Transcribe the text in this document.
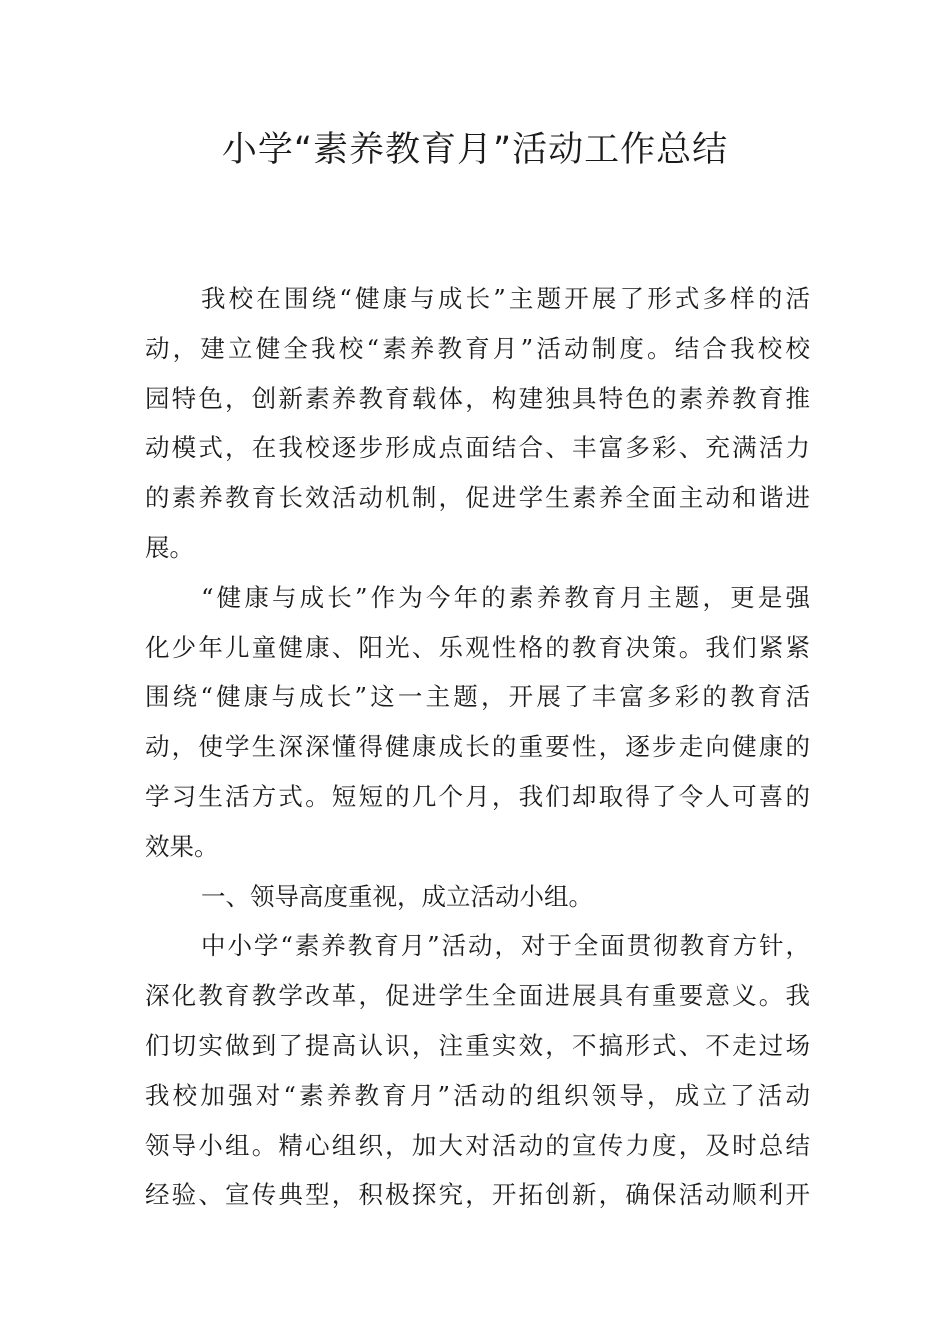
小学“素养教育月”活动工作总结
我校在围绕“健康与成长”主题开展了形式多样的活
动，建立健全我校“素养教育月”活动制度。结合我校校
园特色，创新素养教育载体，构建独具特色的素养教育推
动模式，在我校逐步形成点面结合、丰富多彩、充满活力
的素养教育长效活动机制，促进学生素养全面主动和谐进
展。
“健康与成长”作为今年的素养教育月主题，更是强
化少年儿童健康、阳光、乐观性格的教育决策。我们紧紧
围绕“健康与成长”这一主题，开展了丰富多彩的教育活
动，使学生深深懂得健康成长的重要性，逐步走向健康的
学习生活方式。短短的几个月，我们却取得了令人可喜的
效果。
一、领导高度重视，成立活动小组。
中小学“素养教育月”活动，对于全面贯彻教育方针，
深化教育教学改革，促进学生全面进展具有重要意义。我
们切实做到了提高认识，注重实效，不搞形式、不走过场
我校加强对“素养教育月”活动的组织领导，成立了活动
领导小组。精心组织，加大对活动的宣传力度，及时总结
经验、宣传典型，积极探究，开拓创新，确保活动顺利开
